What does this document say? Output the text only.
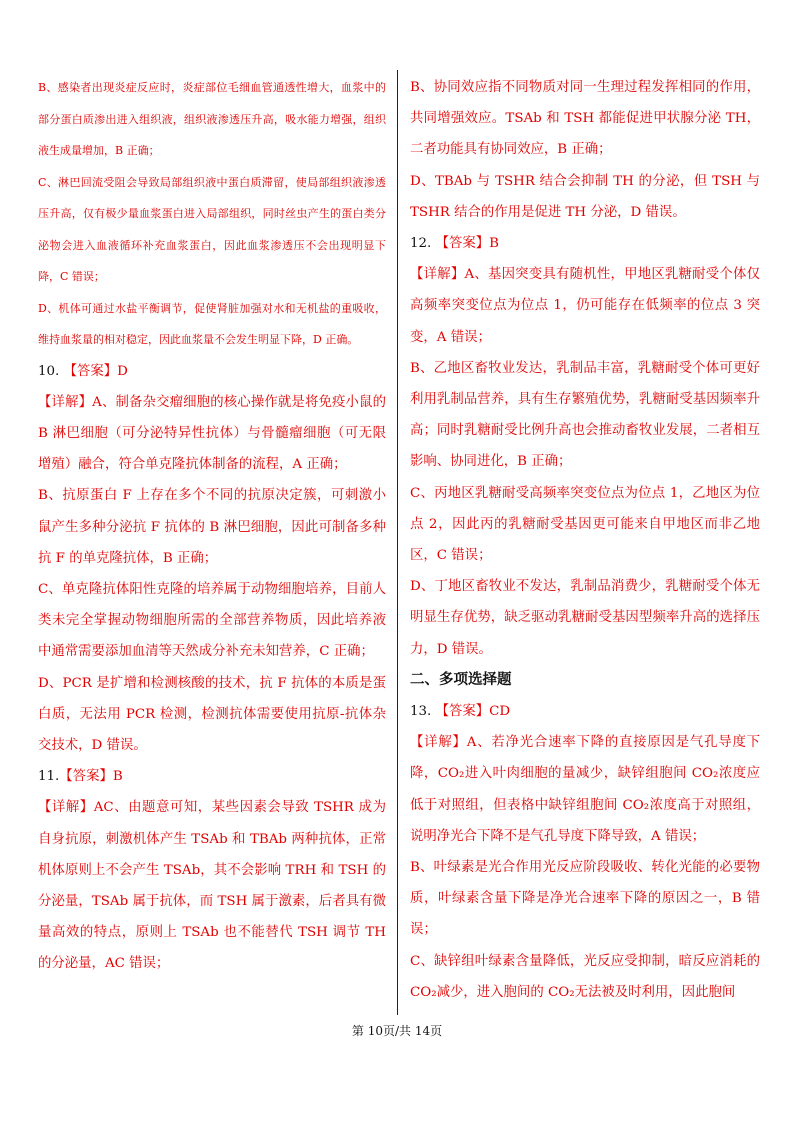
B、感染者出现炎症反应时，炎症部位毛细血管通透性增大，血浆中的部分蛋白质渗出进入组织液，组织液渗透压升高，吸水能力增强，组织液生成量增加，B 正确；

C、淋巴回流受阻会导致局部组织液中蛋白质滞留，使局部组织液渗透压升高，仅有极少量血浆蛋白进入局部组织，同时丝虫产生的蛋白类分泌物会进入血液循环补充血浆蛋白，因此血浆渗透压不会出现明显下降，C 错误；

D、机体可通过水盐平衡调节，促使肾脏加强对水和无机盐的重吸收，维持血浆量的相对稳定，因此血浆量不会发生明显下降，D 正确。

10. 【答案】D

【详解】A、制备杂交瘤细胞的核心操作就是将免疫小鼠的 B 淋巴细胞（可分泌特异性抗体）与骨髓瘤细胞（可无限增殖）融合，符合单克隆抗体制备的流程，A 正确；

B、抗原蛋白 F 上存在多个不同的抗原决定簇，可刺激小鼠产生多种分泌抗 F 抗体的 B 淋巴细胞，因此可制备多种抗 F 的单克隆抗体，B 正确；

C、单克隆抗体阳性克隆的培养属于动物细胞培养，目前人类未完全掌握动物细胞所需的全部营养物质，因此培养液中通常需要添加血清等天然成分补充未知营养，C 正确；

D、PCR 是扩增和检测核酸的技术，抗 F 抗体的本质是蛋白质，无法用 PCR 检测，检测抗体需要使用抗原-抗体杂交技术，D 错误。

11.【答案】B

【详解】AC、由题意可知，某些因素会导致 TSHR 成为自身抗原，刺激机体产生 TSAb 和 TBAb 两种抗体，正常机体原则上不会产生 TSAb，其不会影响 TRH 和 TSH 的分泌量，TSAb 属于抗体，而 TSH 属于激素，后者具有微量高效的特点，原则上 TSAb 也不能替代 TSH 调节 TH 的分泌量，AC 错误；

B、协同效应指不同物质对同一生理过程发挥相同的作用，共同增强效应。TSAb 和 TSH 都能促进甲状腺分泌 TH，二者功能具有协同效应，B 正确；

D、TBAb 与 TSHR 结合会抑制 TH 的分泌，但 TSH 与 TSHR 结合的作用是促进 TH 分泌，D 错误。

12. 【答案】B

【详解】A、基因突变具有随机性，甲地区乳糖耐受个体仅高频率突变位点为位点 1，仍可能存在低频率的位点 3 突变，A 错误；

B、乙地区畜牧业发达，乳制品丰富，乳糖耐受个体可更好利用乳制品营养，具有生存繁殖优势，乳糖耐受基因频率升高；同时乳糖耐受比例升高也会推动畜牧业发展，二者相互影响、协同进化，B 正确；

C、丙地区乳糖耐受高频率突变位点为位点 1，乙地区为位点 2，因此丙的乳糖耐受基因更可能来自甲地区而非乙地区，C 错误；

D、丁地区畜牧业不发达，乳制品消费少，乳糖耐受个体无明显生存优势，缺乏驱动乳糖耐受基因型频率升高的选择压力，D 错误。

二、多项选择题

13. 【答案】CD

【详解】A、若净光合速率下降的直接原因是气孔导度下降，CO₂进入叶肉细胞的量减少，缺锌组胞间 CO₂浓度应低于对照组，但表格中缺锌组胞间 CO₂浓度高于对照组，说明净光合下降不是气孔导度下降导致，A 错误；

B、叶绿素是光合作用光反应阶段吸收、转化光能的必要物质，叶绿素含量下降是净光合速率下降的原因之一，B 错误；

C、缺锌组叶绿素含量降低，光反应受抑制，暗反应消耗的 CO₂减少，进入胞间的 CO₂无法被及时利用，因此胞间

第 10页/共 14页
